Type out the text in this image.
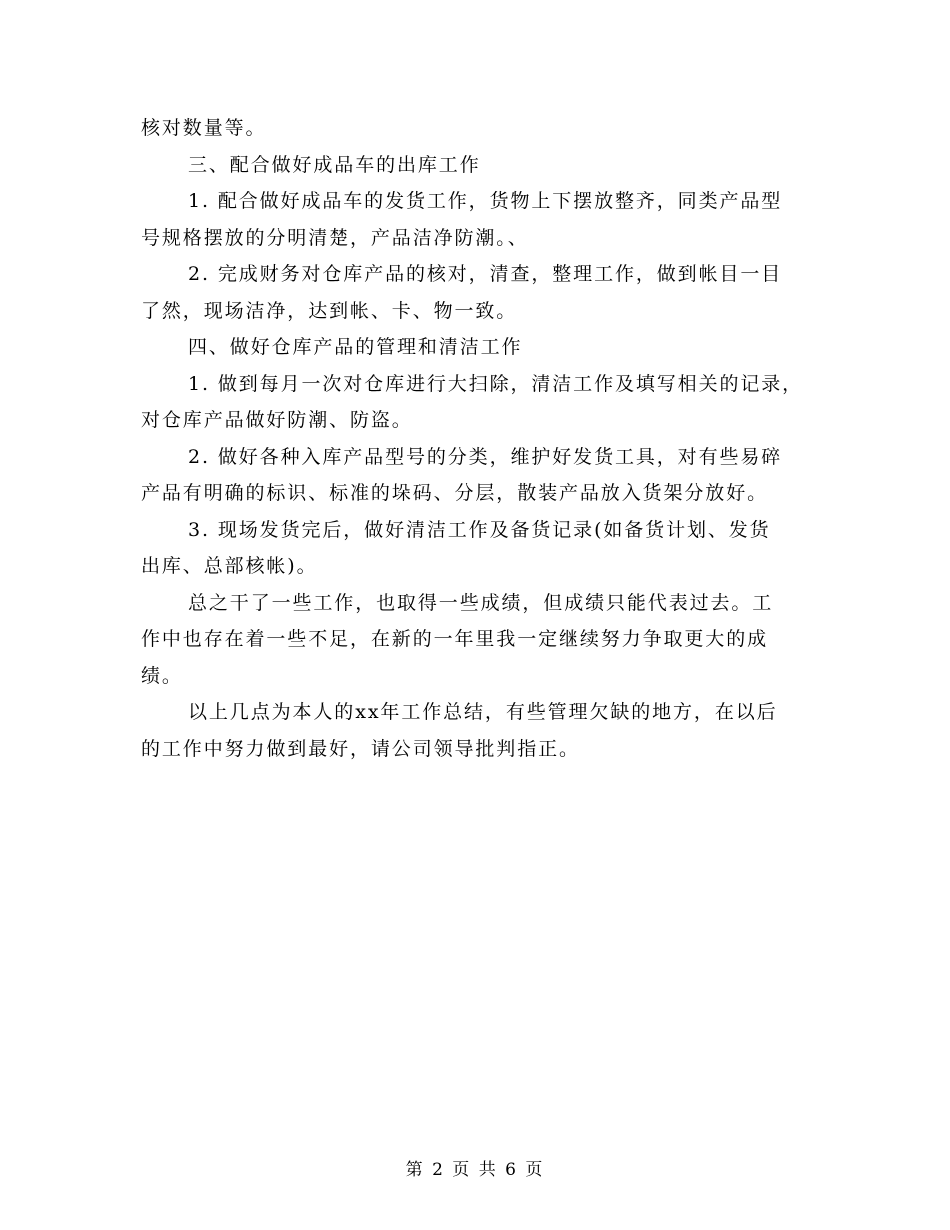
核对数量等。
三、配合做好成品车的出库工作
1. 配合做好成品车的发货工作，货物上下摆放整齐，同类产品型
号规格摆放的分明清楚，产品洁净防潮。、
2. 完成财务对仓库产品的核对，清查，整理工作，做到帐目一目
了然，现场洁净，达到帐、卡、物一致。
四、做好仓库产品的管理和清洁工作
1. 做到每月一次对仓库进行大扫除，清洁工作及填写相关的记录，
对仓库产品做好防潮、防盗。
2. 做好各种入库产品型号的分类，维护好发货工具，对有些易碎
产品有明确的标识、标准的垛码、分层，散装产品放入货架分放好。
3. 现场发货完后，做好清洁工作及备货记录(如备货计划、发货
出库、总部核帐)。
总之干了一些工作，也取得一些成绩，但成绩只能代表过去。工
作中也存在着一些不足，在新的一年里我一定继续努力争取更大的成
绩。
以上几点为本人的xx年工作总结，有些管理欠缺的地方，在以后
的工作中努力做到最好，请公司领导批判指正。
第 2 页 共 6 页
